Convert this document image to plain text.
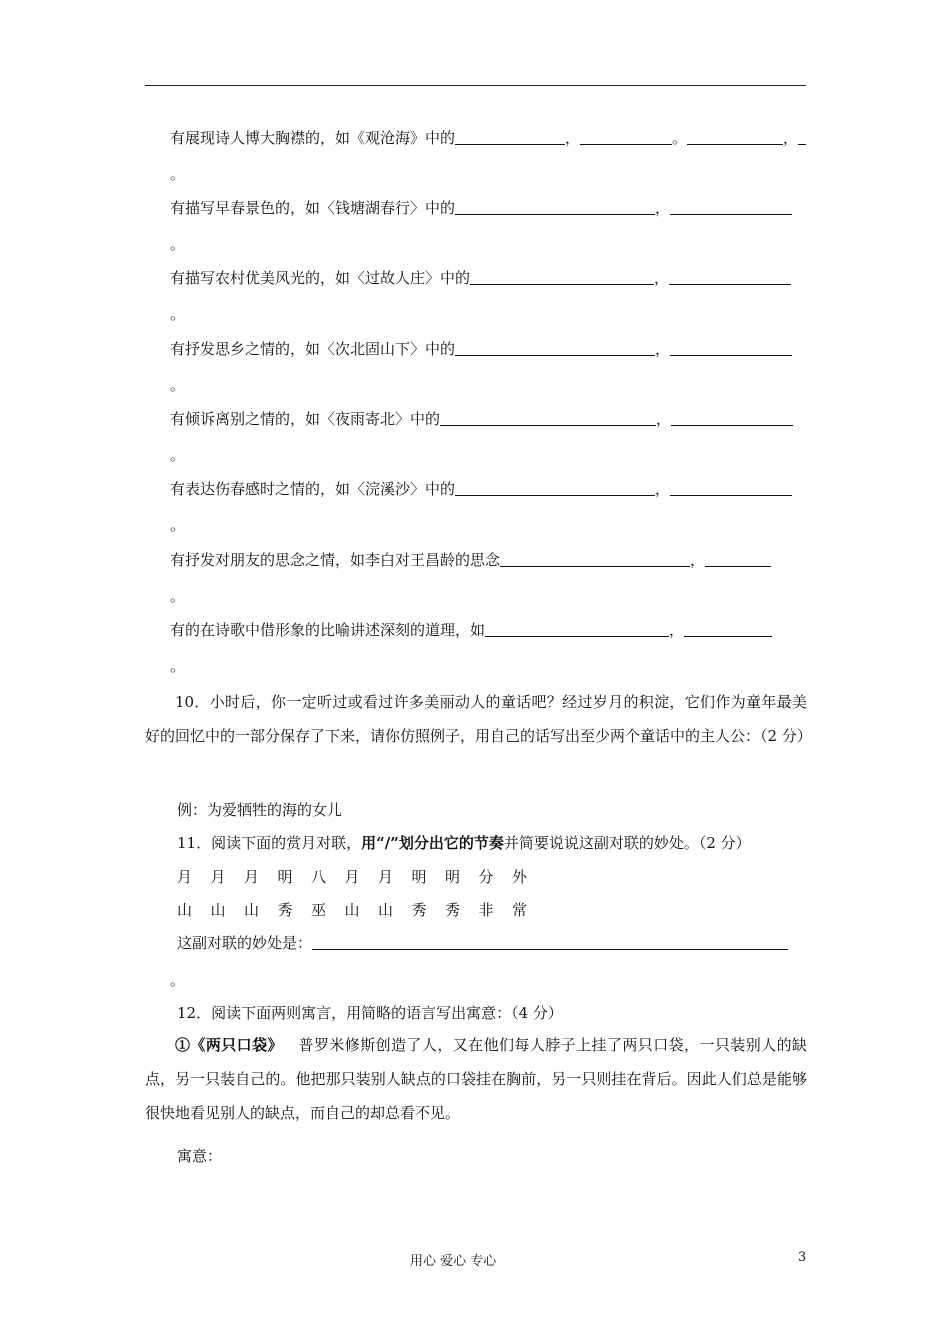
有展现诗人博大胸襟的，如《观沧海》中的	，	。	，
。
有描写早春景色的，如〈钱塘湖春行〉中的	，
。
有描写农村优美风光的，如〈过故人庄〉中的	，
。
有抒发思乡之情的，如〈次北固山下〉中的	，
。
有倾诉离别之情的，如〈夜雨寄北〉中的	，
。
有表达伤春感时之情的，如〈浣溪沙〉中的	，
。
有抒发对朋友的思念之情，如李白对王昌龄的思念	，
。
有的在诗歌中借形象的比喻讲述深刻的道理，如	，
。
10．小时后，你一定听过或看过许多美丽动人的童话吧？经过岁月的积淀，它们作为童年最美好的回忆中的一部分保存了下来，请你仿照例子，用自己的话写出至少两个童话中的主人公：（2 分）
例：为爱牺牲的海的女儿
11．阅读下面的赏月对联，用“/”划分出它的节奏并简要说说这副对联的妙处。（2 分）
月 月 月 明 八 月 月 明 明 分 外
山 山 山 秀 巫 山 山 秀 秀 非 常
这副对联的妙处是：
。
12．阅读下面两则寓言，用简略的语言写出寓意：（4 分）
①《两只口袋》 普罗米修斯创造了人，又在他们每人脖子上挂了两只口袋，一只装别人的缺点，另一只装自己的。他把那只装别人缺点的口袋挂在胸前，另一只则挂在背后。因此人们总是能够很快地看见别人的缺点，而自己的却总看不见。
寓意：
用心 爱心 专心	3
